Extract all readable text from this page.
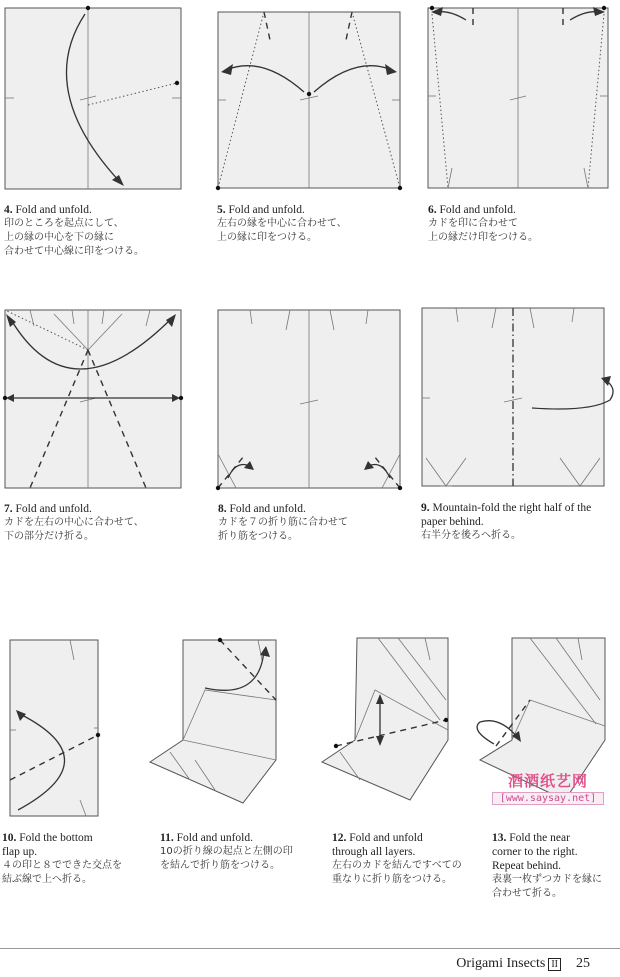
4. Fold and unfold.
印のところを起点にして、
上の縁の中心を下の縁に
合わせて中心線に印をつける。
5. Fold and unfold.
左右の縁を中心に合わせて、
上の縁に印をつける。
6. Fold and unfold.
カドを印に合わせて
上の縁だけ印をつける。
7. Fold and unfold.
カドを左右の中心に合わせて、
下の部分だけ折る。
8. Fold and unfold.
カドを７の折り筋に合わせて
折り筋をつける。
9. Mountain-fold the right half of the paper behind.
右半分を後ろへ折る。
10. Fold the bottom flap up.
４の印と８でできた交点を
結ぶ線で上へ折る。
11. Fold and unfold.
10の折り線の起点と左側の印
を結んで折り筋をつける。
12. Fold and unfold through all layers.
左右のカドを結んですべての
重なりに折り筋をつける。
13. Fold the near corner to the right. Repeat behind.
表裏一枚ずつカドを縁に
合わせて折る。
酒酒纸艺网
[www.saysay.net]
Origami Insects II 25
